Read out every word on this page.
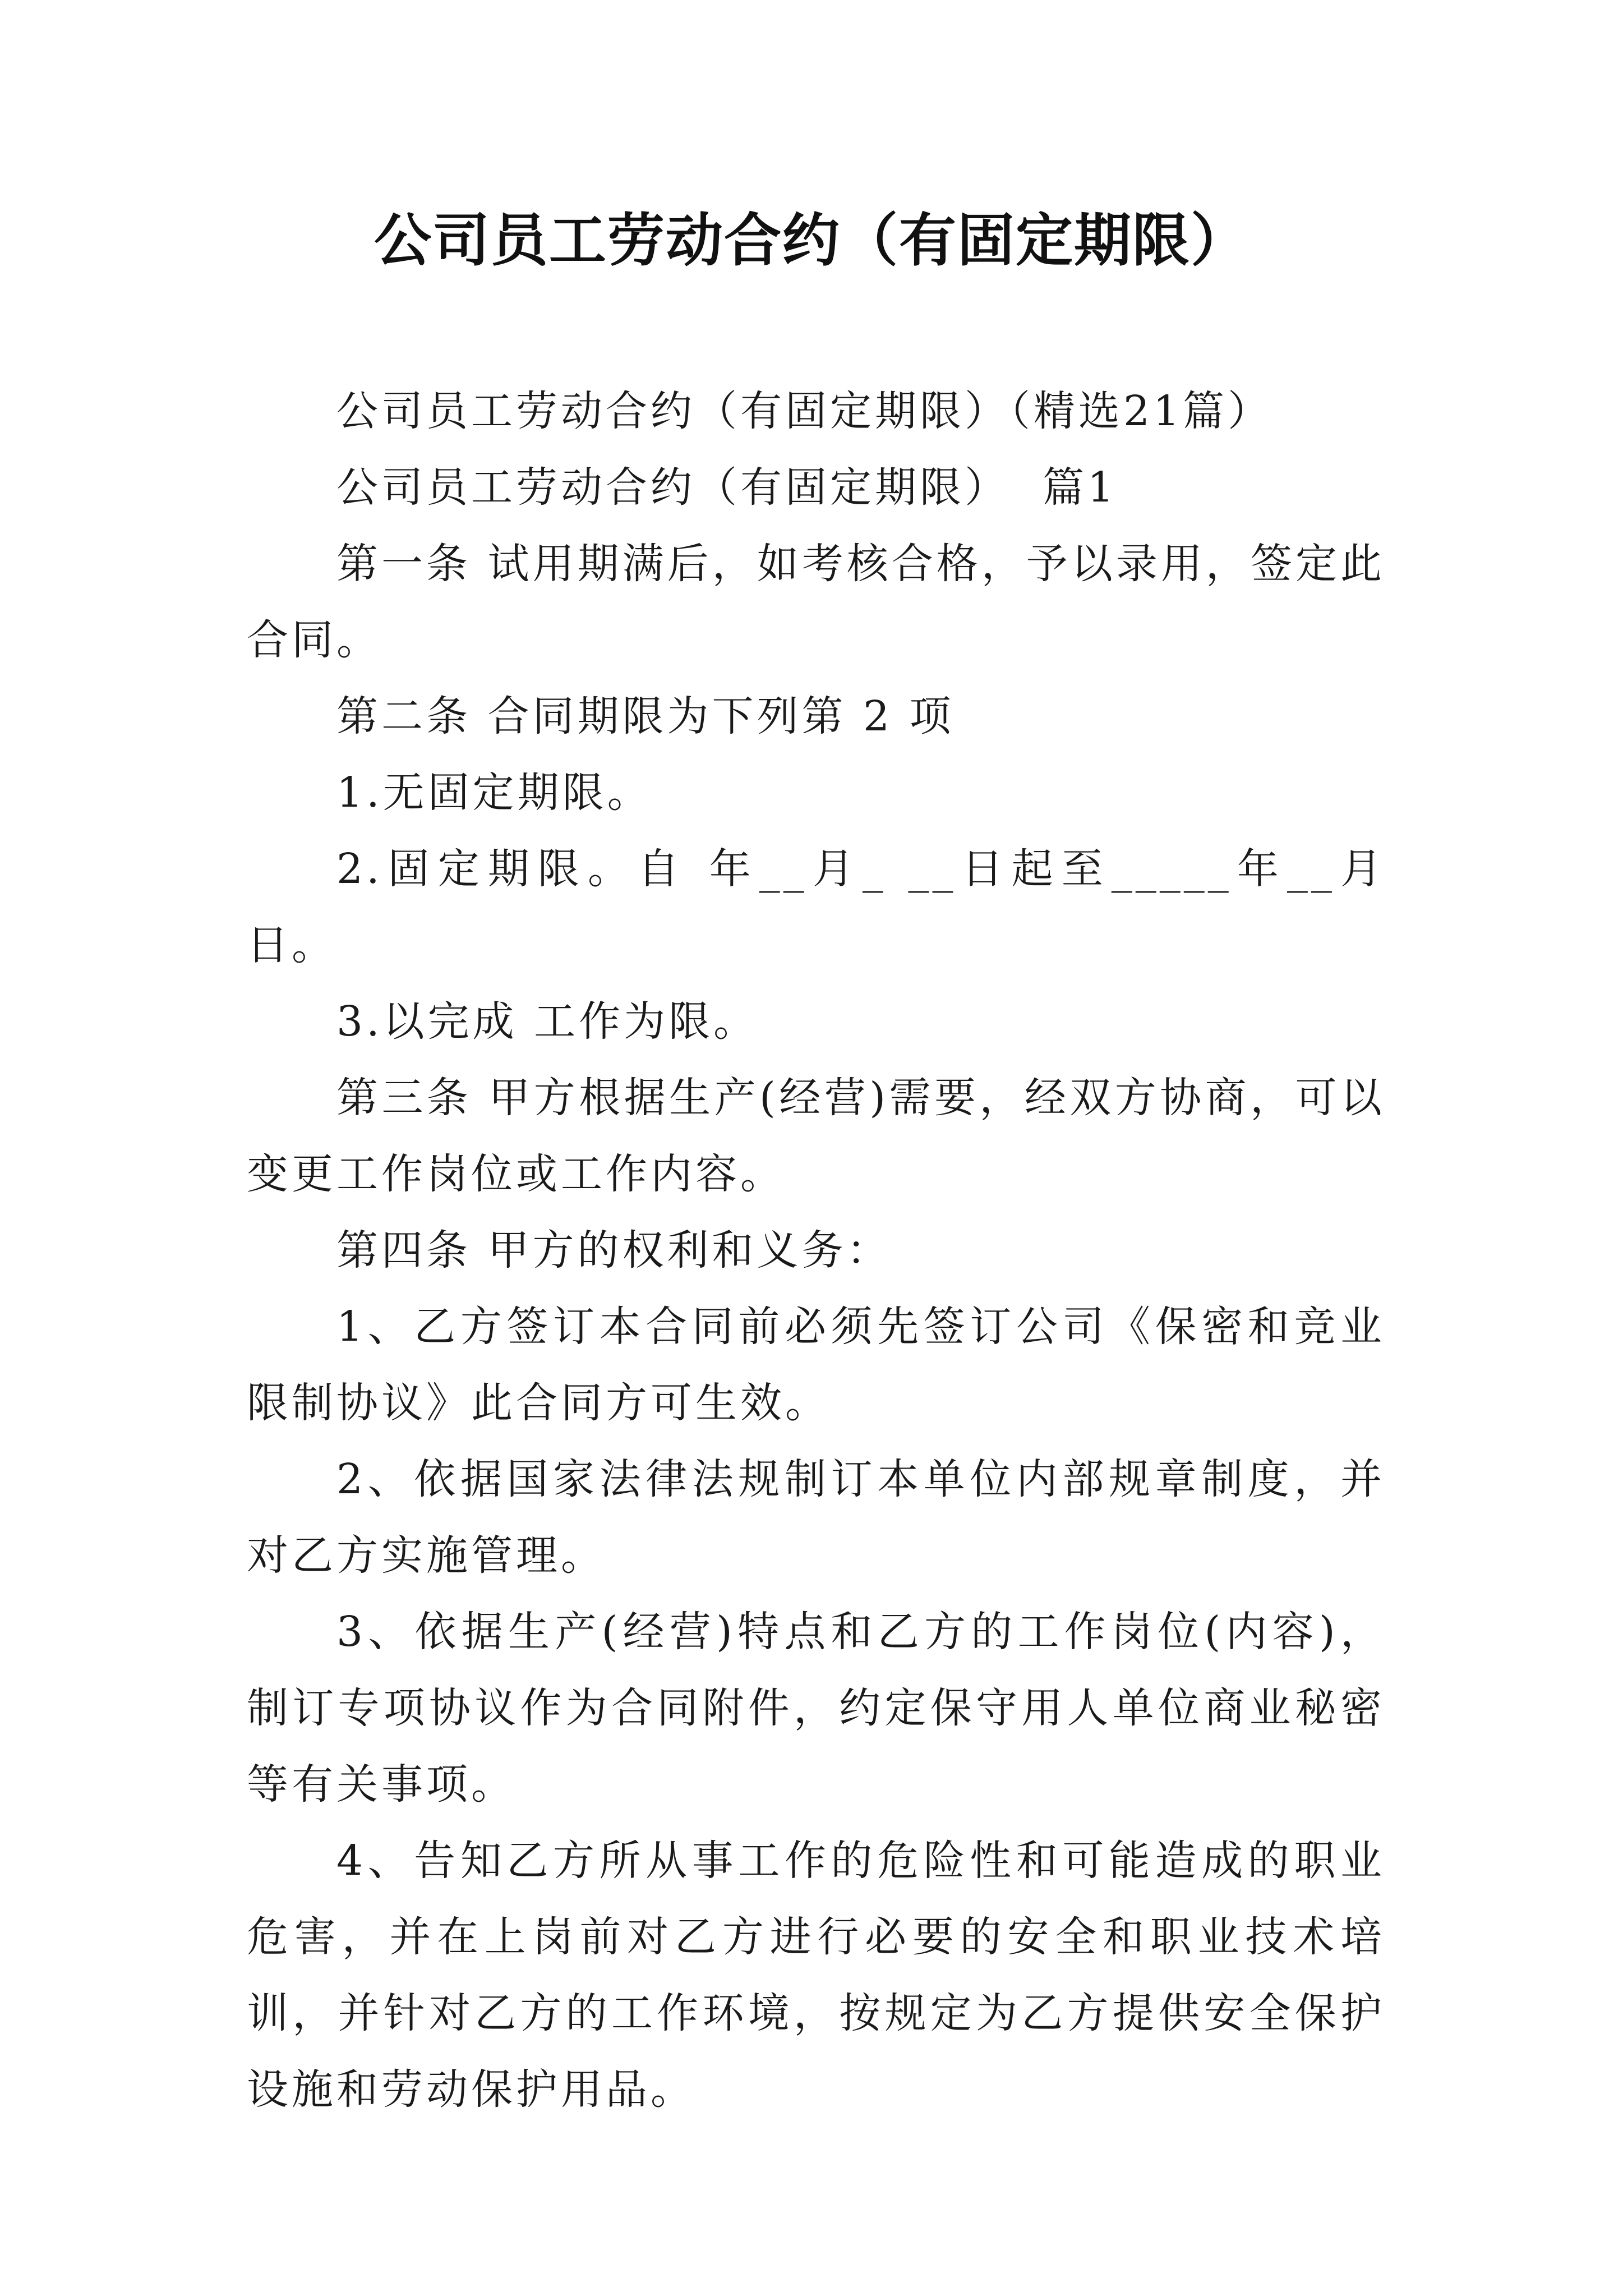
公司员工劳动合约（有固定期限）

公司员工劳动合约（有固定期限）（精选21篇）

公司员工劳动合约（有固定期限）  篇1

第一条 试用期满后，如考核合格，予以录用，签定此合同。

第二条 合同期限为下列第 2 项

1.无固定期限。

2.固定期限。自 年__月_ __日起至_____年__月 日。

3.以完成 工作为限。

第三条 甲方根据生产(经营)需要，经双方协商，可以变更工作岗位或工作内容。

第四条 甲方的权利和义务：

1、乙方签订本合同前必须先签订公司《保密和竞业限制协议》此合同方可生效。

2、依据国家法律法规制订本单位内部规章制度，并对乙方实施管理。

3、依据生产(经营)特点和乙方的工作岗位(内容)，制订专项协议作为合同附件，约定保守用人单位商业秘密等有关事项。

4、告知乙方所从事工作的危险性和可能造成的职业危害，并在上岗前对乙方进行必要的安全和职业技术培训，并针对乙方的工作环境，按规定为乙方提供安全保护设施和劳动保护用品。
